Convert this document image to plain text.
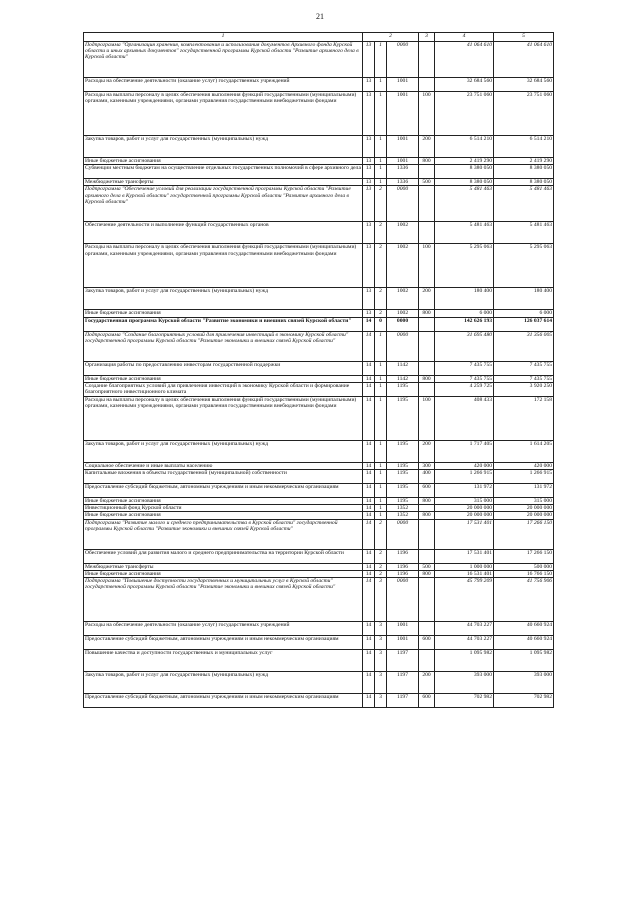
21
1	2			3	4	5
Подпрограмма "Организация хранения, комплектования и использования документов Архивного фонда Курской области и иных архивных документов" государственной программы Курской области "Развитие архивного дела в Курской области"	13	1	0000		41 064 610	41 064 610
Расходы на обеспечение деятельности (оказание услуг) государственных учреждений	13	1	1001		32 684 560	32 684 560
Расходы на выплаты персоналу в целях обеспечения выполнения функций государственными (муниципальными) органами, казенными учреждениями, органами управления государственными внебюджетными фондами	13	1	1001	100	23 751 060	23 751 060
Закупка товаров, работ и услуг для государственных (муниципальных) нужд	13	1	1001	200	6 514 210	6 514 210
Иные бюджетные ассигнования	13	1	1001	800	2 419 290	2 419 290
Субвенции местным бюджетам на осуществление отдельных государственных полномочий в сфере архивного дела	13	1	1336		8 380 050	8 380 050
Межбюджетные трансферты	13	1	1336	500	8 380 050	8 380 050
Подпрограмма "Обеспечение условий для реализации государственной программы Курской области "Развитие архивного дела в Курской области" государственной программы Курской области "Развитие архивного дела в Курской области"	13	2	0000		5 481 463	5 481 463
Обеспечение деятельности и выполнение функций государственных органов	13	2	1002		5 481 463	5 481 463
Расходы на выплаты персоналу в целях обеспечения выполнения функций государственными (муниципальными) органами, казенными учреждениями, органами управления государственными внебюджетными фондами	13	2	1002	100	5 295 063	5 295 063
Закупка товаров, работ и услуг для государственных (муниципальных) нужд	13	2	1002	200	180 400	180 400
Иные бюджетные ассигнования	13	2	1002	800	6 000	6 000
Государственная программа Курской области "Развитие экономики и внешних связей Курской области"	14	0	0000		142 626 193	126 037 614
Подпрограмма "Создание благоприятных условий для привлечения инвестиций в экономику Курской области" государственной программы Курской области "Развитие экономики и внешних связей Курской области"	14	1	0000		31 695 480	31 356 005
Организация работы по предоставлению инвесторам государственной поддержки	14	1	1142		7 435 755	7 435 755
Иные бюджетные ассигнования	14	1	1142	800	7 435 755	7 435 755
Создание благоприятных условий для привлечения инвестиций в экономику Курской области и формирование благоприятного инвестиционного климата	14	1	1195		4 259 725	3 920 250
Расходы на выплаты персоналу в целях обеспечения выполнения функций государственными (муниципальными) органами, казенными учреждениями, органами управления государственными внебюджетными фондами	14	1	1195	100	408 433	172 158
Закупка товаров, работ и услуг для государственных (муниципальных) нужд	14	1	1195	200	1 717 405	1 614 205
Социальное обеспечение и иные выплаты населению	14	1	1195	300	420 000	420 000
Капитальные вложения в объекты государственной (муниципальной) собственности	14	1	1195	400	1 266 915	1 266 915
Предоставление субсидий бюджетным, автономным учреждениям и иным некоммерческим организациям	14	1	1195	600	131 972	131 972
Иные бюджетные ассигнования	14	1	1195	800	315 000	315 000
Инвестиционный фонд Курской области	14	1	1352		20 000 000	20 000 000
Иные бюджетные ассигнования	14	1	1352	800	20 000 000	20 000 000
Подпрограмма "Развитие малого и среднего предпринимательства в Курской области" государственной программы Курской области "Развитие экономики и внешних связей Курской области"	14	2	0000		17 531 401	17 266 150
Обеспечение условий для развития малого и среднего предпринимательства на территории Курской области	14	2	1196		17 531 401	17 266 150
Межбюджетные трансферты	14	2	1196	500	1 000 000	500 000
Иные бюджетные ассигнования	14	2	1196	800	16 531 401	16 766 150
Подпрограмма "Повышение доступности государственных и муниципальных услуг в Курской области" государственной программы Курской области "Развитие экономики и внешних связей Курской области"	14	3	0000		45 799 209	41 756 906
Расходы на обеспечение деятельности (оказание услуг) государственных учреждений	14	3	1001		44 703 227	40 660 924
Предоставление субсидий бюджетным, автономным учреждениям и иным некоммерческим организациям	14	3	1001	600	44 703 227	40 660 924
Повышение качества и доступности государственных и муниципальных услуг	14	3	1197		1 095 982	1 095 982
Закупка товаров, работ и услуг для государственных (муниципальных) нужд	14	3	1197	200	393 000	393 000
Предоставление субсидий бюджетным, автономным учреждениям и иным некоммерческим организациям	14	3	1197	600	702 982	702 982
